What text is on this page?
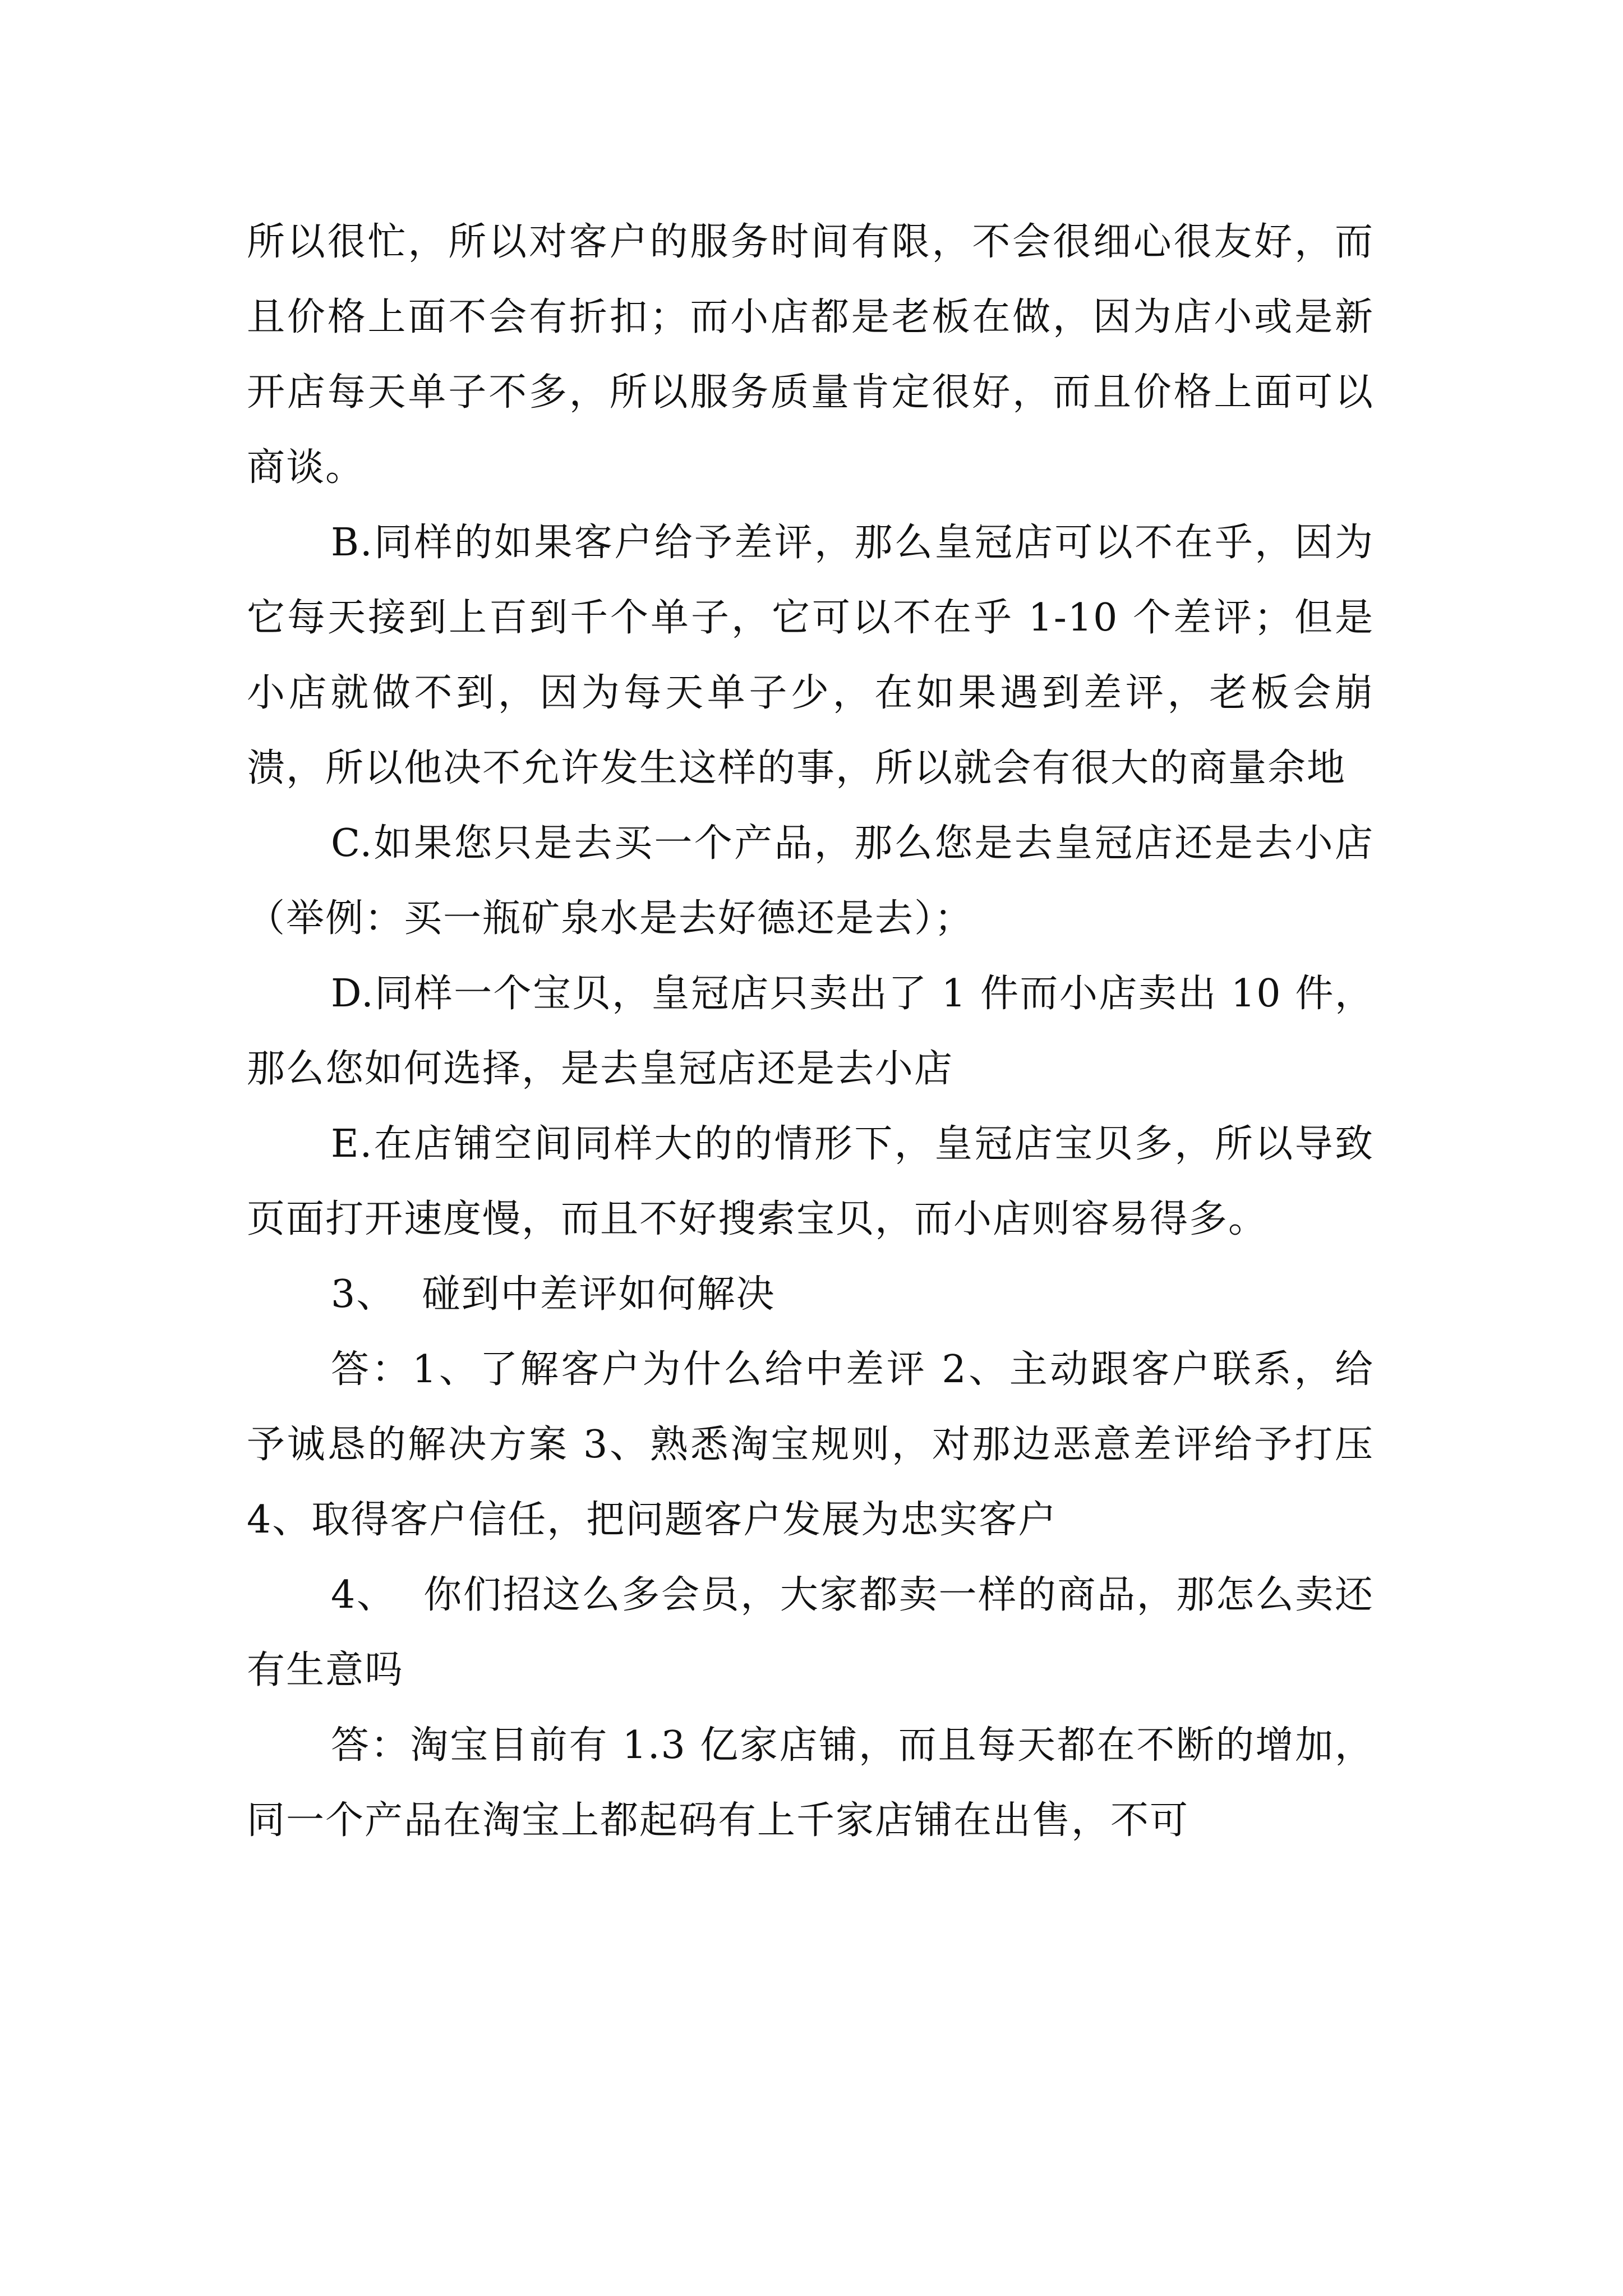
所以很忙，所以对客户的服务时间有限，不会很细心很友好，而且价格上面不会有折扣；而小店都是老板在做，因为店小或是新开店每天单子不多，所以服务质量肯定很好，而且价格上面可以商谈。

B.同样的如果客户给予差评，那么皇冠店可以不在乎，因为它每天接到上百到千个单子，它可以不在乎 1-10 个差评；但是小店就做不到，因为每天单子少，在如果遇到差评，老板会崩溃，所以他决不允许发生这样的事，所以就会有很大的商量余地

C.如果您只是去买一个产品，那么您是去皇冠店还是去小店（举例：买一瓶矿泉水是去好德还是去）；

D.同样一个宝贝，皇冠店只卖出了 1 件而小店卖出 10 件，那么您如何选择，是去皇冠店还是去小店

E.在店铺空间同样大的的情形下，皇冠店宝贝多，所以导致页面打开速度慢，而且不好搜索宝贝，而小店则容易得多。

3、  碰到中差评如何解决

答：1、了解客户为什么给中差评 2、主动跟客户联系，给予诚恳的解决方案 3、熟悉淘宝规则，对那边恶意差评给予打压 4、取得客户信任，把问题客户发展为忠实客户

4、  你们招这么多会员，大家都卖一样的商品，那怎么卖还有生意吗

答：淘宝目前有 1.3 亿家店铺，而且每天都在不断的增加，同一个产品在淘宝上都起码有上千家店铺在出售，不可
